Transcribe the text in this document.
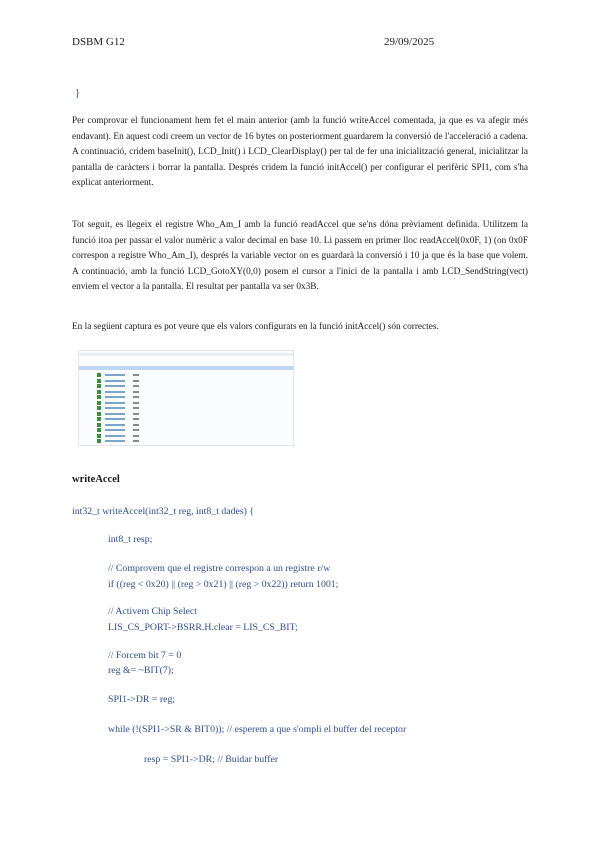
DSBM G12	29/09/2025
}

Per comprovar el funcionament hem fet el main anterior (amb la funció writeAccel comentada, ja que es va afegir més endavant). En aquest codi creem un vector de 16 bytes on posteriorment guardarem la conversió de l'acceleració a cadena. A continuació, cridem baseInit(), LCD_Init() i LCD_ClearDisplay() per tal de fer una inicialització general, inicialitzar la pantalla de caràcters i borrar la pantalla. Després cridem la funció initAccel() per configurar el perifèric SPI1, com s'ha explicat anteriorment.

Tot seguit, es llegeix el registre Who_Am_I amb la funció readAccel que se'ns dóna prèviament definida. Utilitzem la funció itoa per passar el valor numèric a valor decimal en base 10. Li passem en primer lloc readAccel(0x0F, 1) (on 0x0F correspon a registre Who_Am_I), després la variable vector on es guardarà la conversió i 10 ja que és la base que volem. A continuació, amb la funció LCD_GotoXY(0,0) posem el cursor a l'inici de la pantalla i amb LCD_SendString(vect) enviem el vector a la pantalla. El resultat per pantalla va ser 0x3B.

En la següent captura es pot veure que els valors configurats en la funció initAccel() són correctes.

writeAccel
int32_t writeAccel(int32_t reg, int8_t dades) {
int8_t resp;
// Comprovem que el registre correspon a un registre r/w
if ((reg < 0x20) || (reg > 0x21) || (reg > 0x22)) return 1001;
// Activem Chip Select
LIS_CS_PORT->BSRR.H.clear = LIS_CS_BIT;
// Forcem bit 7 = 0
reg &= ~BIT(7);
SPI1->DR = reg;
while (!(SPI1->SR & BIT0)); // esperem a que s'ompli el buffer del receptor
resp = SPI1->DR; // Buidar buffer
